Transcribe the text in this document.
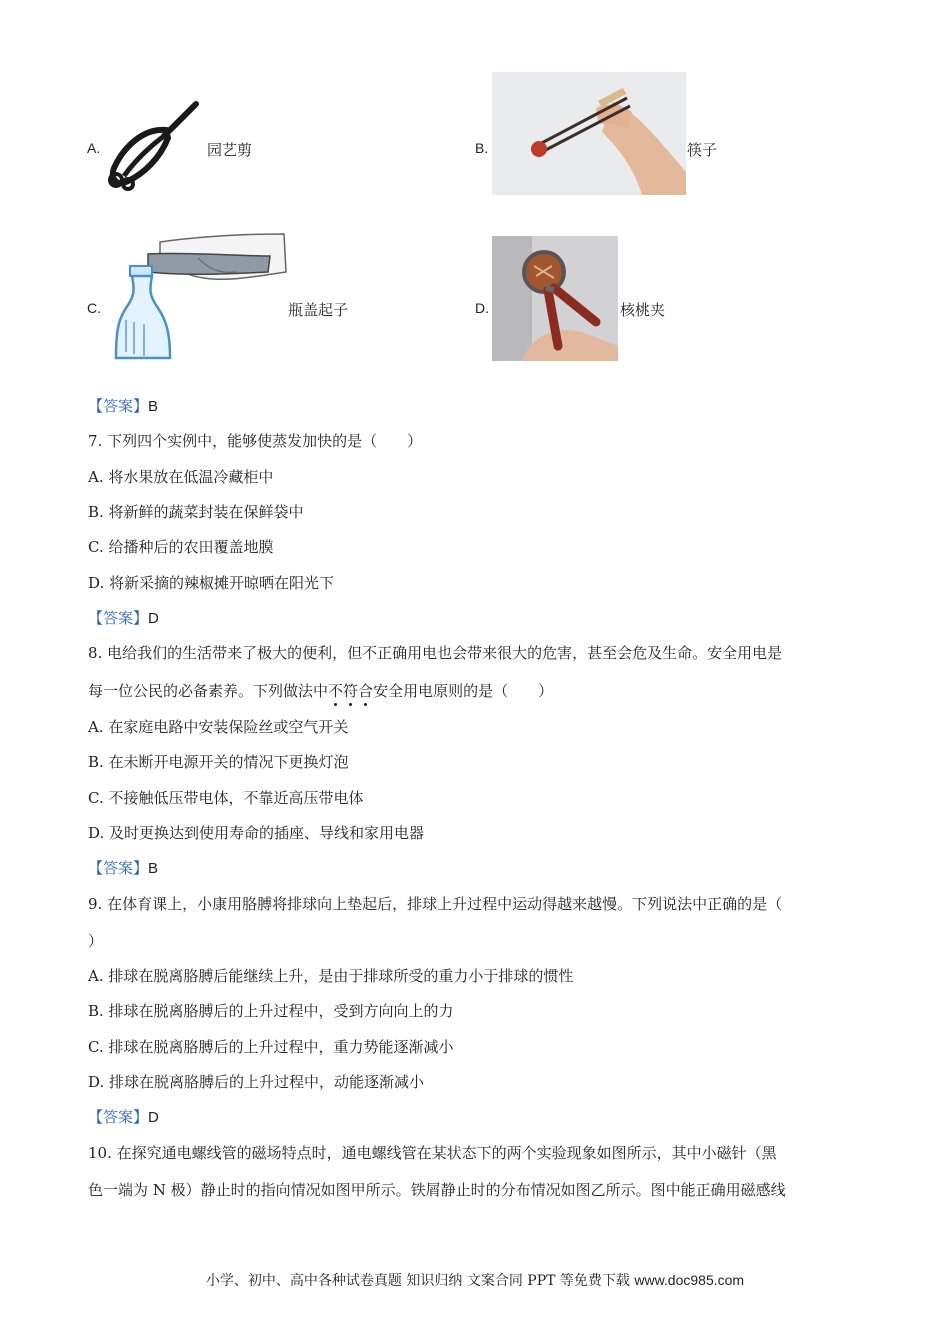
A.	园艺剪	B.	筷子
C.	瓶盖起子	D.	核桃夹
【答案】B
7. 下列四个实例中，能够使蒸发加快的是（　　）
A. 将水果放在低温冷藏柜中
B. 将新鲜的蔬菜封装在保鲜袋中
C. 给播种后的农田覆盖地膜
D. 将新采摘的辣椒摊开晾晒在阳光下
【答案】D
8. 电给我们的生活带来了极大的便利，但不正确用电也会带来很大的危害，甚至会危及生命。安全用电是
每一位公民的必备素养。下列做法中不符合安全用电原则的是（　　）
A. 在家庭电路中安装保险丝或空气开关
B. 在未断开电源开关的情况下更换灯泡
C. 不接触低压带电体，不靠近高压带电体
D. 及时更换达到使用寿命的插座、导线和家用电器
【答案】B
9. 在体育课上，小康用胳膊将排球向上垫起后，排球上升过程中运动得越来越慢。下列说法中正确的是（
）
A. 排球在脱离胳膊后能继续上升，是由于排球所受的重力小于排球的惯性
B. 排球在脱离胳膊后的上升过程中，受到方向向上的力
C. 排球在脱离胳膊后的上升过程中，重力势能逐渐减小
D. 排球在脱离胳膊后的上升过程中，动能逐渐减小
【答案】D
10. 在探究通电螺线管的磁场特点时，通电螺线管在某状态下的两个实验现象如图所示，其中小磁针（黑
色一端为 N 极）静止时的指向情况如图甲所示。铁屑静止时的分布情况如图乙所示。图中能正确用磁感线
小学、初中、高中各种试卷真题 知识归纳 文案合同 PPT 等免费下载 www.doc985.com
